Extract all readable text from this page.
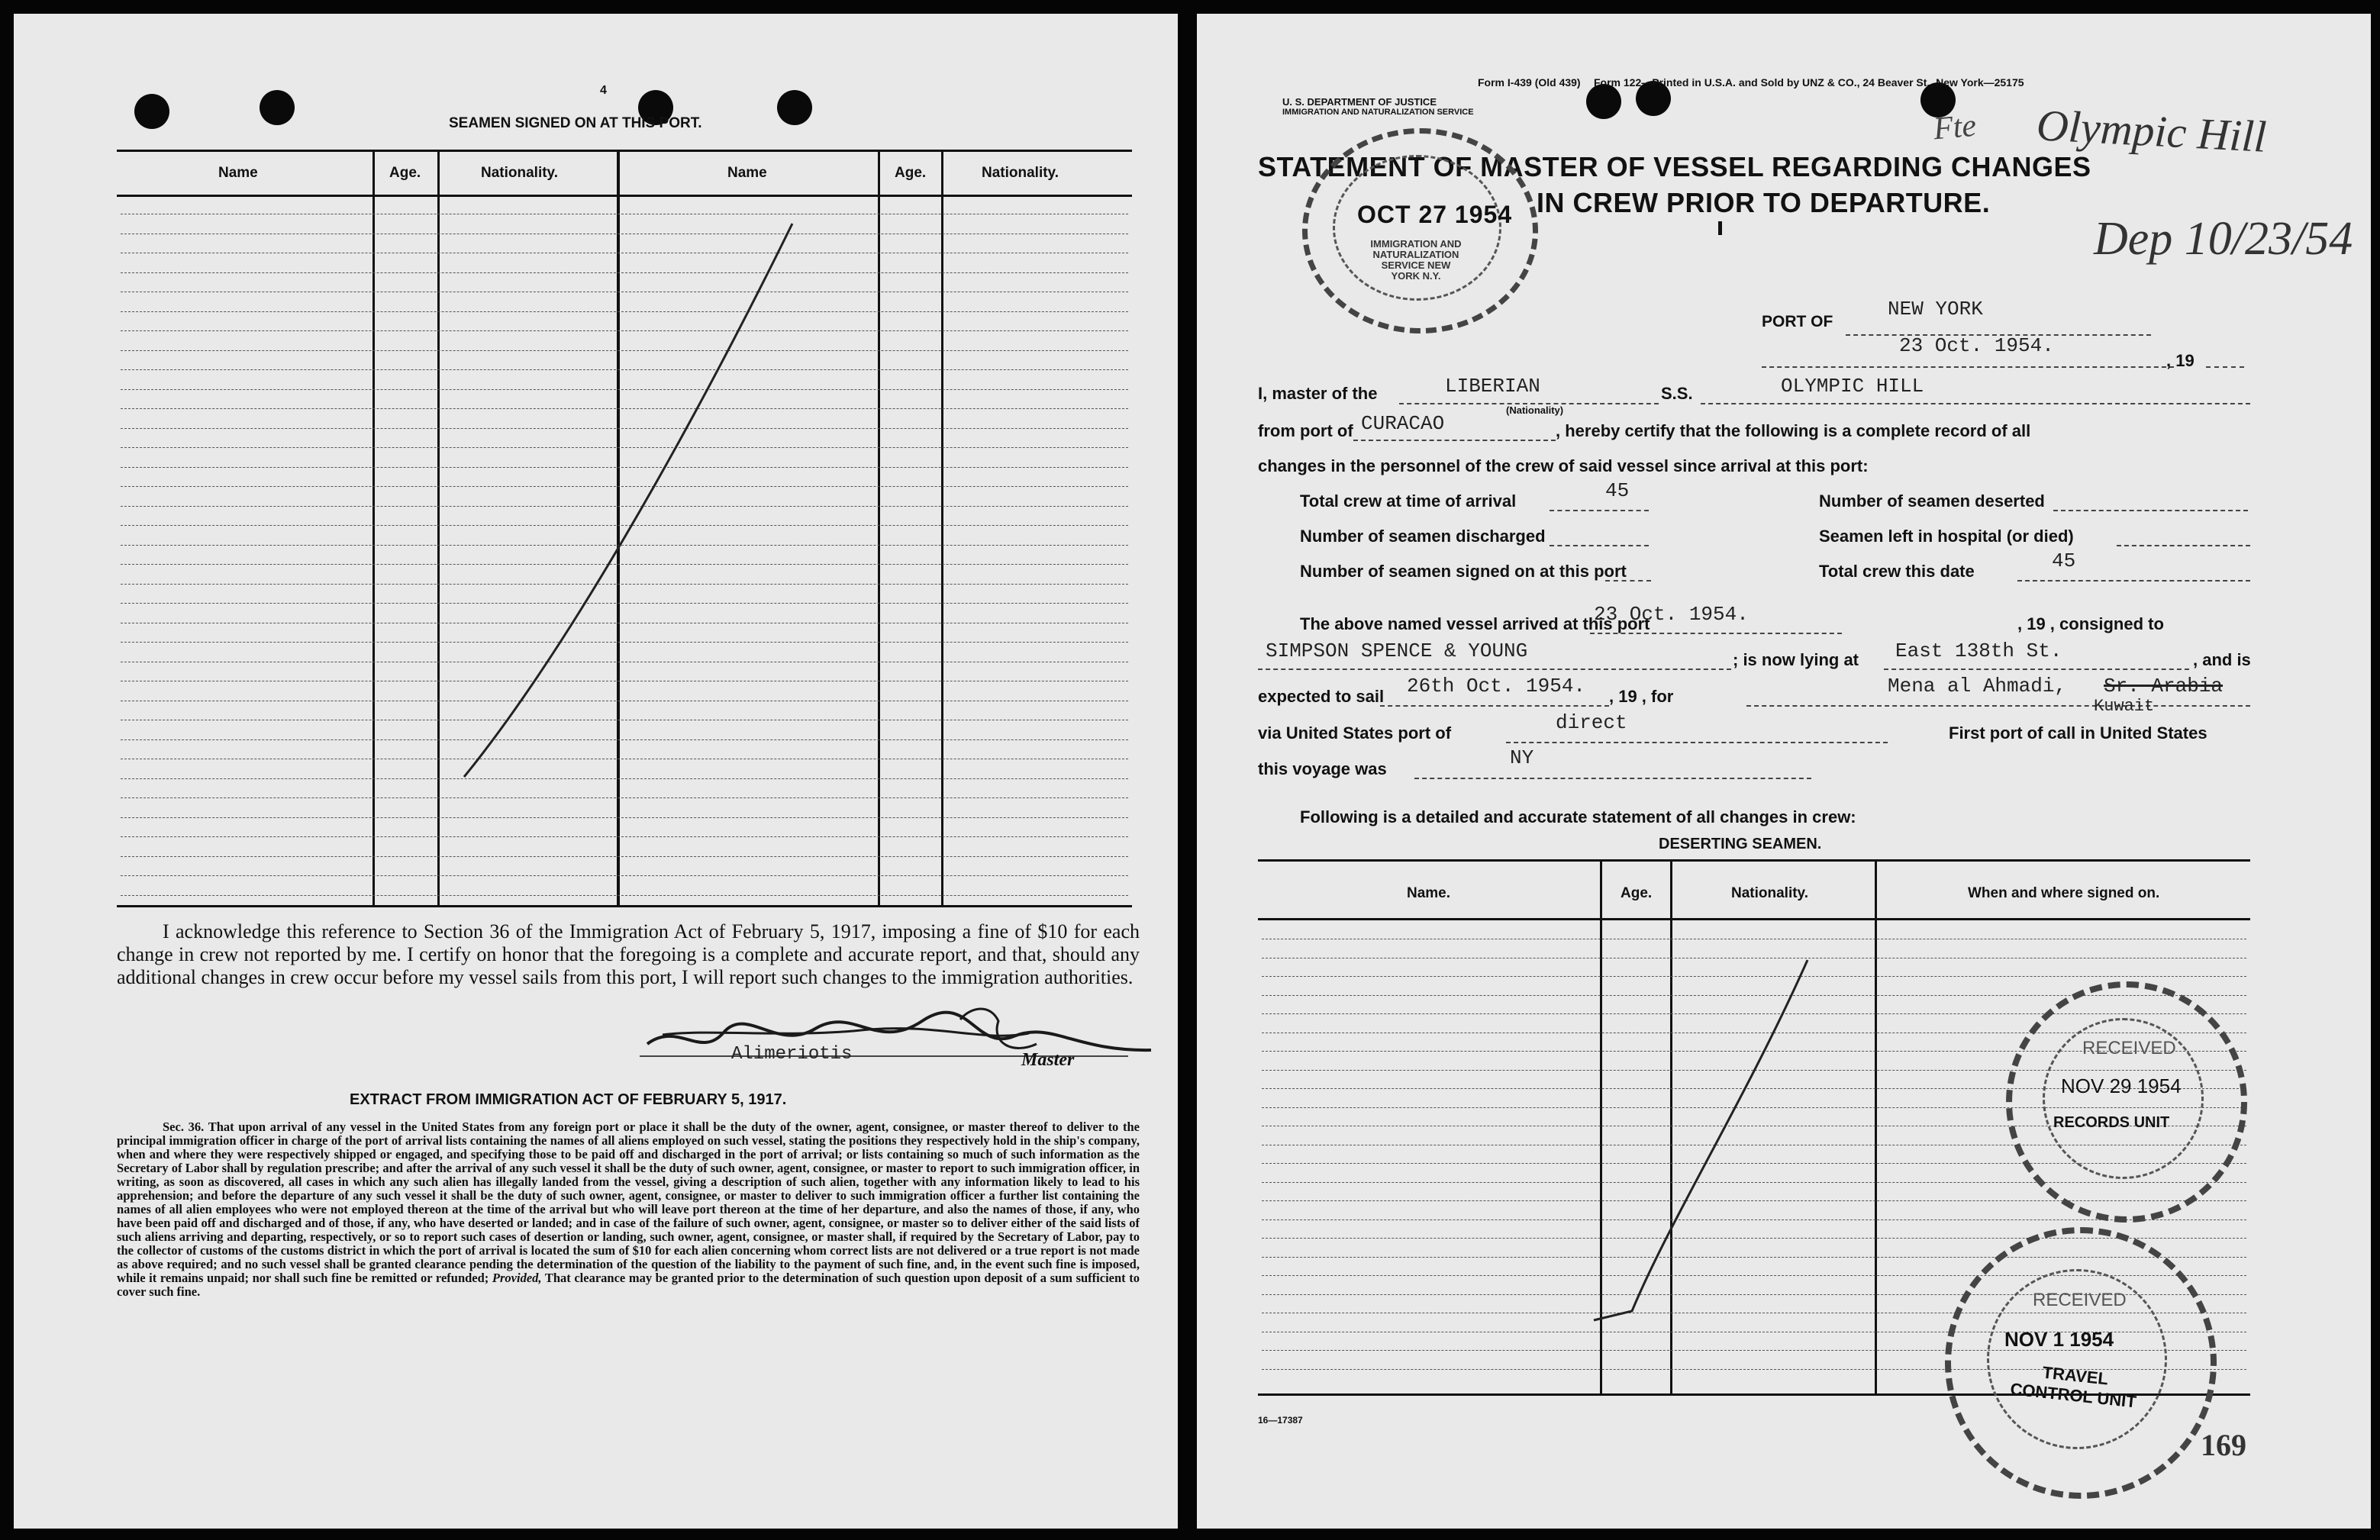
4
SEAMEN SIGNED ON AT THIS PORT.
Name	Age.	Nationality.	Name	Age.	Nationality.
I acknowledge this reference to Section 36 of the Immigration Act of February 5, 1917, imposing a fine of $10 for each change in crew not reported by me. I certify on honor that the foregoing is a complete and accurate report, and that, should any additional changes in crew occur before my vessel sails from this port, I will report such changes to the immigration authorities.
Alimeriotis	Master
EXTRACT FROM IMMIGRATION ACT OF FEBRUARY 5, 1917.
Sec. 36. That upon arrival of any vessel in the United States from any foreign port or place it shall be the duty of the owner, agent, consignee, or master thereof to deliver to the principal immigration officer in charge of the port of arrival lists containing the names of all aliens employed on such vessel, stating the positions they respectively hold in the ship's company, when and where they were respectively shipped or engaged, and specifying those to be paid off and discharged in the port of arrival; or lists containing so much of such information as the Secretary of Labor shall by regulation prescribe; and after the arrival of any such vessel it shall be the duty of such owner, agent, consignee, or master to report to such immigration officer, in writing, as soon as discovered, all cases in which any such alien has illegally landed from the vessel, giving a description of such alien, together with any information likely to lead to his apprehension; and before the departure of any such vessel it shall be the duty of such owner, agent, consignee, or master to deliver to such immigration officer a further list containing the names of all alien employees who were not employed thereon at the time of the arrival but who will leave port thereon at the time of her departure, and also the names of those, if any, who have been paid off and discharged and of those, if any, who have deserted or landed; and in case of the failure of such owner, agent, consignee, or master so to deliver either of the said lists of such aliens arriving and departing, respectively, or so to report such cases of desertion or landing, such owner, agent, consignee, or master shall, if required by the Secretary of Labor, pay to the collector of customs of the customs district in which the port of arrival is located the sum of $10 for each alien concerning whom correct lists are not delivered or a true report is not made as above required; and no such vessel shall be granted clearance pending the determination of the question of the liability to the payment of such fine, and, in the event such fine is imposed, while it remains unpaid; nor shall such fine be remitted or refunded; Provided, That clearance may be granted prior to the determination of such question upon deposit of a sum sufficient to cover such fine.
Form I-439 (Old 439) Form 122—Printed in U.S.A. and Sold by UNZ & CO., 24 Beaver St., New York—25175
U. S. DEPARTMENT OF JUSTICE
IMMIGRATION AND NATURALIZATION SERVICE
STATEMENT OF MASTER OF VESSEL REGARDING CHANGES
IN CREW PRIOR TO DEPARTURE.
Olympic Hill
Dep 10/23/54
Fte
OCT 27 1954
IMMIGRATION AND NATURALIZATION SERVICE NEW YORK N.Y.
PORT OF
NEW YORK
23 Oct. 1954.
, 19
I, master of the	LIBERIAN
(Nationality)
S.S.	OLYMPIC HILL
from port of CURACAO	, hereby certify that the following is a complete record of all
changes in the personnel of the crew of said vessel since arrival at this port:
Total crew at time of arrival	45	Number of seamen deserted
Number of seamen discharged	Seamen left in hospital (or died)
Number of seamen signed on at this port	Total crew this date	45
The above named vessel arrived at this port
23 Oct. 1954.	, 19 , consigned to
SIMPSON SPENCE & YOUNG	; is now lying at East 138th St.	, and is
expected to sail 26th Oct. 1954. , 19 , for	Mena al Ahmadi, Sr. Arabia
Kuwait
via United States port of	direct	First port of call in United States
this voyage was	NY
Following is a detailed and accurate statement of all changes in crew:
DESERTING SEAMEN.
Name.	Age.	Nationality.	When and where signed on.
RECEIVED
NOV 29 1954
RECORDS UNIT
RECEIVED
NOV 1 1954
TRAVEL CONTROL UNIT
16—17387
169
